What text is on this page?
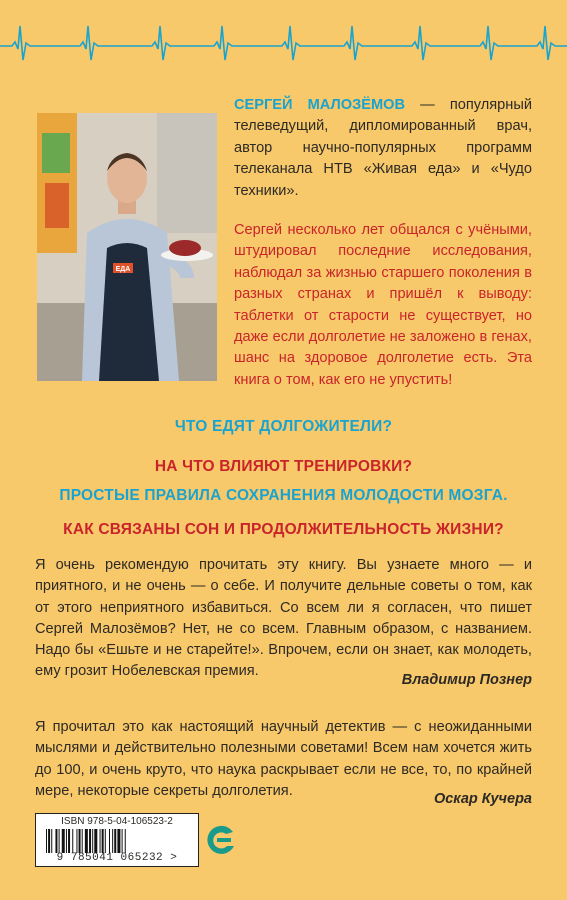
ЕДА

СЕРГЕЙ МАЛОЗЁМОВ — популярный телеведущий, дипломированный врач, автор научно-популярных программ телеканала НТВ «Живая еда» и «Чудо техники».

Сергей несколько лет общался с учёными, штудировал последние исследования, наблюдал за жизнью старшего поколения в разных странах и пришёл к выводу: таблетки от старости не существует, но даже если долголетие не заложено в генах, шанс на здоровое долголетие есть. Эта книга о том, как его не упустить!

ЧТО ЕДЯТ ДОЛГОЖИТЕЛИ?
НА ЧТО ВЛИЯЮТ ТРЕНИРОВКИ?
ПРОСТЫЕ ПРАВИЛА СОХРАНЕНИЯ МОЛОДОСТИ МОЗГА.
КАК СВЯЗАНЫ СОН И ПРОДОЛЖИТЕЛЬНОСТЬ ЖИЗНИ?
Я очень рекомендую прочитать эту книгу. Вы узнаете много — и приятного, и не очень — о себе. И получите дельные советы о том, как от этого неприятного избавиться. Со всем ли я согласен, что пишет Сергей Малозёмов? Нет, не со всем. Главным образом, с названием. Надо бы «Ешьте и не старейте!». Впрочем, если он знает, как молодеть, ему грозит Нобелевская премия.
Владимир Познер
Я прочитал это как настоящий научный детектив — с неожиданными мыслями и действительно полезными советами! Всем нам хочется жить до 100, и очень круто, что наука раскрывает если не все, то, по крайней мере, некоторые секреты долголетия.
Оскар Кучера
ISBN 978-5-04-106523-2
9 785041 065232 >
